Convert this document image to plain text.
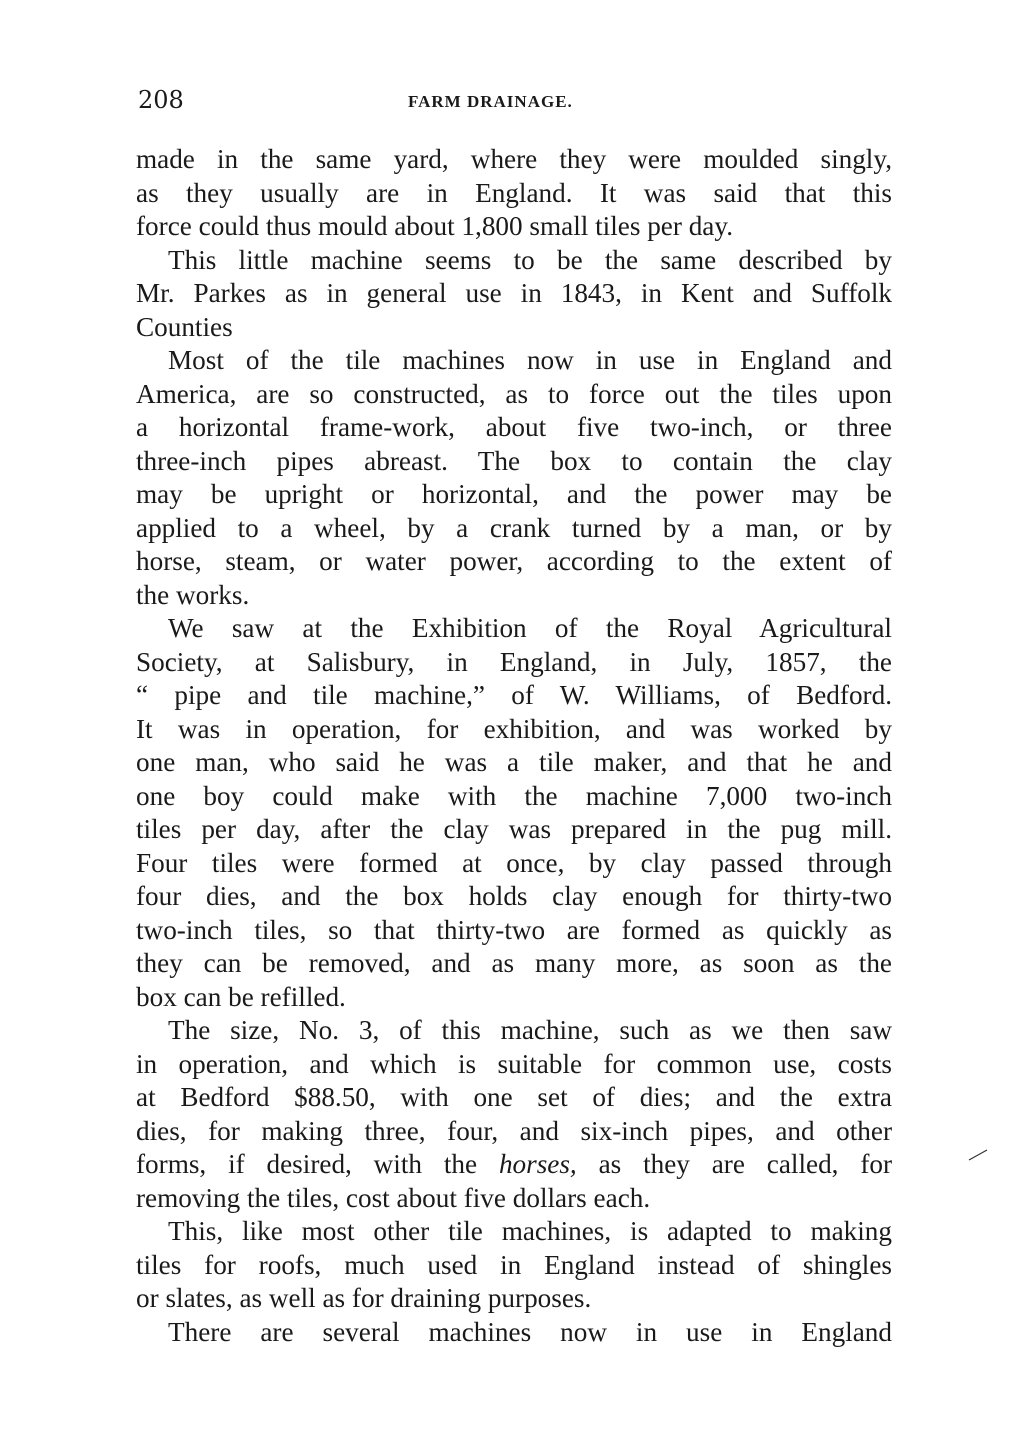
208	FARM DRAINAGE.
made in the same yard, where they were moulded singly,
as they usually are in England. It was said that this
force could thus mould about 1,800 small tiles per day.
This little machine seems to be the same described by
Mr. Parkes as in general use in 1843, in Kent and Suffolk
Counties
Most of the tile machines now in use in England and
America, are so constructed, as to force out the tiles upon
a horizontal frame-work, about five two-inch, or three
three-inch pipes abreast. The box to contain the clay
may be upright or horizontal, and the power may be
applied to a wheel, by a crank turned by a man, or by
horse, steam, or water power, according to the extent of
the works.
We saw at the Exhibition of the Royal Agricultural
Society, at Salisbury, in England, in July, 1857, the
“ pipe and tile machine,” of W. Williams, of Bedford.
It was in operation, for exhibition, and was worked by
one man, who said he was a tile maker, and that he and
one boy could make with the machine 7,000 two-inch
tiles per day, after the clay was prepared in the pug mill.
Four tiles were formed at once, by clay passed through
four dies, and the box holds clay enough for thirty-two
two-inch tiles, so that thirty-two are formed as quickly as
they can be removed, and as many more, as soon as the
box can be refilled.
The size, No. 3, of this machine, such as we then saw
in operation, and which is suitable for common use, costs
at Bedford $88.50, with one set of dies; and the extra
dies, for making three, four, and six-inch pipes, and other
forms, if desired, with the horses, as they are called, for
removing the tiles, cost about five dollars each.
This, like most other tile machines, is adapted to making
tiles for roofs, much used in England instead of shingles
or slates, as well as for draining purposes.
There are several machines now in use in England
